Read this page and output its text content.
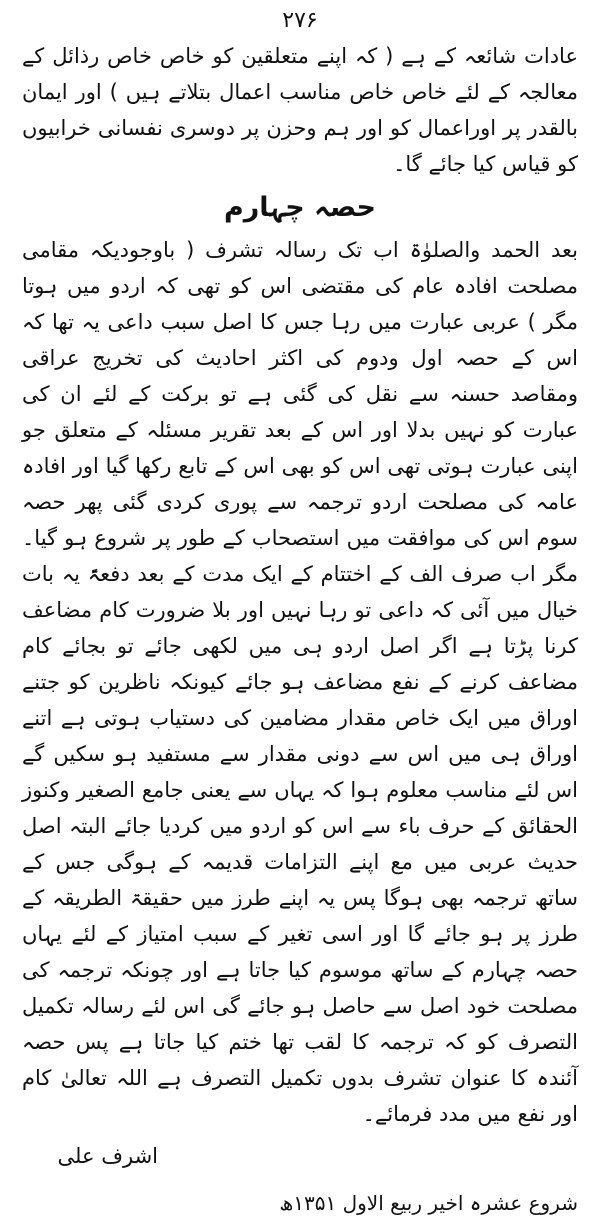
۲۷۶

عادات شائعہ کے ہے ( کہ اپنے متعلقین کو خاص خاص رذائل کے معالجہ کے لئے خاص خاص مناسب اعمال بتلاتے ہیں ) اور ایمان بالقدر پر اوراعمال کو اور ہم وحزن پر دوسری نفسانی خرابیوں کو قیاس کیا جائے گا۔

حصہ چہارم

بعد الحمد والصلوٰۃ اب تک رسالہ تشرف ( باوجودیکہ مقامی مصلحت افادہ عام کی مقتضی اس کو تھی کہ اردو میں ہوتا مگر ) عربی عبارت میں رہا جس کا اصل سبب داعی یہ تھا کہ اس کے حصہ اول ودوم کی اکثر احادیث کی تخریج عراقی ومقاصد حسنہ سے نقل کی گئی ہے تو برکت کے لئے ان کی عبارت کو نہیں بدلا اور اس کے بعد تقریر مسئلہ کے متعلق جو اپنی عبارت ہوتی تھی اس کو بھی اس کے تابع رکھا گیا اور افادہ عامہ کی مصلحت اردو ترجمہ سے پوری کردی گئی پھر حصہ سوم اس کی موافقت میں استصحاب کے طور پر شروع ہو گیا۔ مگر اب صرف الف کے اختتام کے ایک مدت کے بعد دفعۃً یہ بات خیال میں آئی کہ داعی تو رہا نہیں اور بلا ضرورت کام مضاعف کرنا پڑتا ہے اگر اصل اردو ہی میں لکھی جائے تو بجائے کام مضاعف کرنے کے نفع مضاعف ہو جائے کیونکہ ناظرین کو جتنے اوراق میں ایک خاص مقدار مضامین کی دستیاب ہوتی ہے اتنے اوراق ہی میں اس سے دونی مقدار سے مستفید ہو سکیں گے اس لئے مناسب معلوم ہوا کہ یہاں سے یعنی جامع الصغیر وکنوز الحقائق کے حرف باء سے اس کو اردو میں کردیا جائے البتہ اصل حدیث عربی میں مع اپنے التزامات قدیمہ کے ہوگی جس کے ساتھ ترجمہ بھی ہوگا پس یہ اپنے طرز میں حقیقۃ الطریقہ کے طرز پر ہو جائے گا اور اسی تغیر کے سبب امتیاز کے لئے یہاں حصہ چہارم کے ساتھ موسوم کیا جاتا ہے اور چونکہ ترجمہ کی مصلحت خود اصل سے حاصل ہو جائے گی اس لئے رسالہ تکمیل التصرف کو کہ ترجمہ کا لقب تھا ختم کیا جاتا ہے پس حصہ آئندہ کا عنوان تشرف بدوں تکمیل التصرف ہے اللہ تعالیٰ کام اور نفع میں مدد فرمائے۔

اشرف علی
شروع عشرہ اخیر ربیع الاول ۱۳۵۱ھ
